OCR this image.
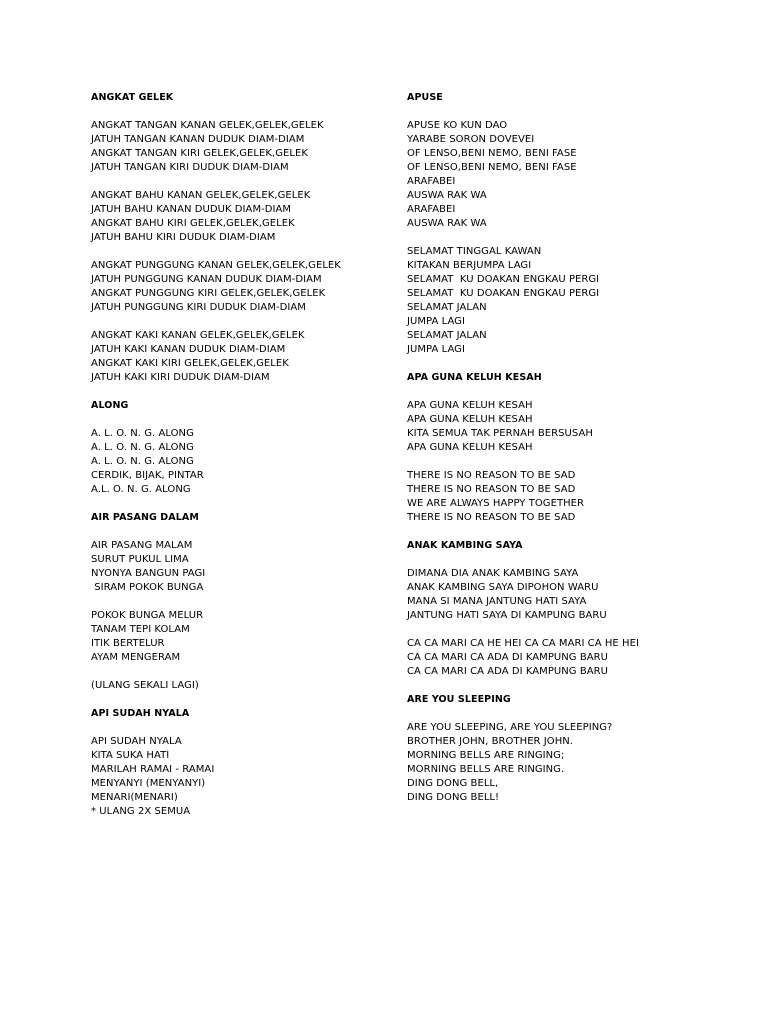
ANGKAT GELEK
ANGKAT TANGAN KANAN GELEK,GELEK,GELEK
JATUH TANGAN KANAN DUDUK DIAM-DIAM
ANGKAT TANGAN KIRI GELEK,GELEK,GELEK
JATUH TANGAN KIRI DUDUK DIAM-DIAM
ANGKAT BAHU KANAN GELEK,GELEK,GELEK
JATUH BAHU KANAN DUDUK DIAM-DIAM
ANGKAT BAHU KIRI GELEK,GELEK,GELEK
JATUH BAHU KIRI DUDUK DIAM-DIAM
ANGKAT PUNGGUNG KANAN GELEK,GELEK,GELEK
JATUH PUNGGUNG KANAN DUDUK DIAM-DIAM
ANGKAT PUNGGUNG KIRI GELEK,GELEK,GELEK
JATUH PUNGGUNG KIRI DUDUK DIAM-DIAM
ANGKAT KAKI KANAN GELEK,GELEK,GELEK
JATUH KAKI KANAN DUDUK DIAM-DIAM
ANGKAT KAKI KIRI GELEK,GELEK,GELEK
JATUH KAKI KIRI DUDUK DIAM-DIAM
ALONG
A. L. O. N. G. ALONG
A. L. O. N. G. ALONG
A. L. O. N. G. ALONG
CERDIK, BIJAK, PINTAR
A.L. O. N. G. ALONG
AIR PASANG DALAM
AIR PASANG MALAM
SURUT PUKUL LIMA
NYONYA BANGUN PAGI
SIRAM POKOK BUNGA
POKOK BUNGA MELUR
TANAM TEPI KOLAM
ITIK BERTELUR
AYAM MENGERAM
(ULANG SEKALI LAGI)
API SUDAH NYALA
API SUDAH NYALA
KITA SUKA HATI
MARILAH RAMAI - RAMAI
MENYANYI (MENYANYI)
MENARI(MENARI)
* ULANG 2X SEMUA
APUSE
APUSE KO KUN DAO
YARABE SORON DOVEVEI
OF LENSO,BENI NEMO, BENI FASE
OF LENSO,BENI NEMO, BENI FASE
ARAFABEI
AUSWA RAK WA
ARAFABEI
AUSWA RAK WA
SELAMAT TINGGAL KAWAN
KITAKAN BERJUMPA LAGI
SELAMAT  KU DOAKAN ENGKAU PERGI
SELAMAT  KU DOAKAN ENGKAU PERGI
SELAMAT JALAN
JUMPA LAGI
SELAMAT JALAN
JUMPA LAGI
APA GUNA KELUH KESAH
APA GUNA KELUH KESAH
APA GUNA KELUH KESAH
KITA SEMUA TAK PERNAH BERSUSAH
APA GUNA KELUH KESAH
THERE IS NO REASON TO BE SAD
THERE IS NO REASON TO BE SAD
WE ARE ALWAYS HAPPY TOGETHER
THERE IS NO REASON TO BE SAD
ANAK KAMBING SAYA
DIMANA DIA ANAK KAMBING SAYA
ANAK KAMBING SAYA DIPOHON WARU
MANA SI MANA JANTUNG HATI SAYA
JANTUNG HATI SAYA DI KAMPUNG BARU
CA CA MARI CA HE HEI CA CA MARI CA HE HEI
CA CA MARI CA ADA DI KAMPUNG BARU
CA CA MARI CA ADA DI KAMPUNG BARU
ARE YOU SLEEPING
ARE YOU SLEEPING, ARE YOU SLEEPING?
BROTHER JOHN, BROTHER JOHN.
MORNING BELLS ARE RINGING;
MORNING BELLS ARE RINGING.
DING DONG BELL,
DING DONG BELL!
